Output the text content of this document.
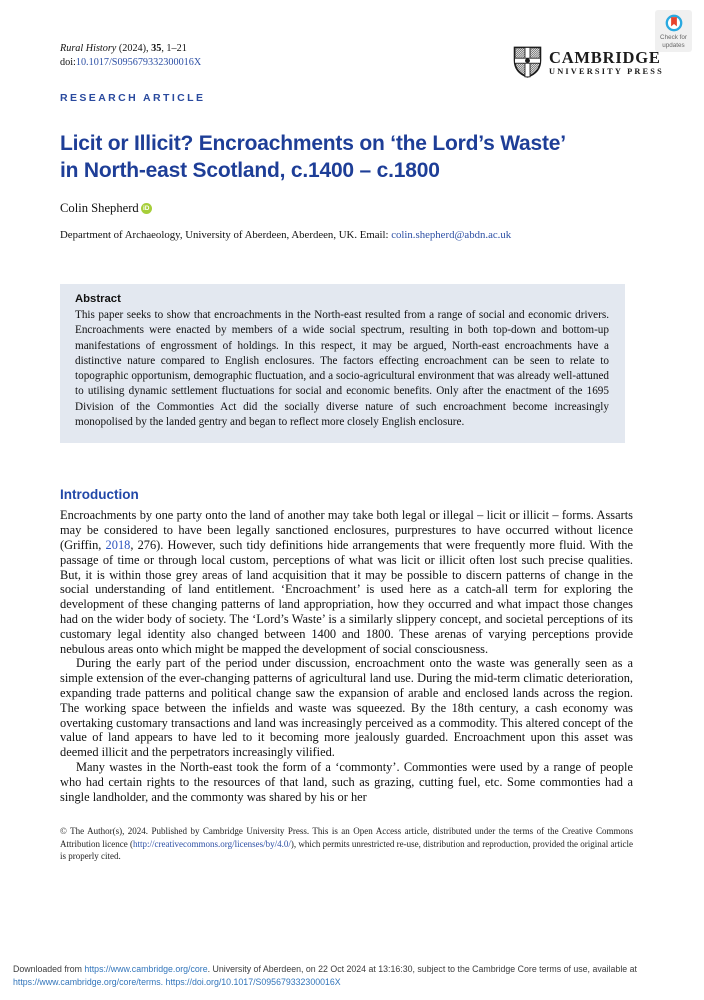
Check for
updates
CAMBRIDGE
UNIVERSITY PRESS
Rural History (2024), 35, 1–21
doi:10.1017/S095679332300016X
RESEARCH ARTICLE
Licit or Illicit? Encroachments on ‘the Lord’s Waste’
in North-east Scotland, c.1400 – c.1800
Colin Shepherd iD
Department of Archaeology, University of Aberdeen, Aberdeen, UK. Email: colin.shepherd@abdn.ac.uk
Abstract
This paper seeks to show that encroachments in the North-east resulted from a range of social and economic drivers. Encroachments were enacted by members of a wide social spectrum, resulting in both top-down and bottom-up manifestations of engrossment of holdings. In this respect, it may be argued, North-east encroachments have a distinctive nature compared to English enclosures. The factors effecting encroachment can be seen to relate to topographic opportunism, demographic fluctuation, and a socio-agricultural environment that was already well-attuned to utilising dynamic settlement fluctuations for social and economic benefits. Only after the enactment of the 1695 Division of the Commonties Act did the socially diverse nature of such encroachment become increasingly monopolised by the landed gentry and began to reflect more closely English enclosure.
Introduction

Encroachments by one party onto the land of another may take both legal or illegal – licit or illicit – forms. Assarts may be considered to have been legally sanctioned enclosures, purprestures to have occurred without licence (Griffin, 2018, 276). However, such tidy definitions hide arrangements that were frequently more fluid. With the passage of time or through local custom, perceptions of what was licit or illicit often lost such precise qualities. But, it is within those grey areas of land acquisition that it may be possible to discern patterns of change in the social understanding of land entitlement. ‘Encroachment’ is used here as a catch-all term for exploring the development of these changing patterns of land appropriation, how they occurred and what impact those changes had on the wider body of society. The ‘Lord’s Waste’ is a similarly slippery concept, and societal perceptions of its customary legal identity also changed between 1400 and 1800. These arenas of varying perceptions provide nebulous areas onto which might be mapped the development of social consciousness.

During the early part of the period under discussion, encroachment onto the waste was generally seen as a simple extension of the ever-changing patterns of agricultural land use. During the mid-term climatic deterioration, expanding trade patterns and political change saw the expansion of arable and enclosed lands across the region. The working space between the infields and waste was squeezed. By the 18th century, a cash economy was overtaking customary transactions and land was increasingly perceived as a commodity. This altered concept of the value of land appears to have led to it becoming more jealously guarded. Encroachment upon this asset was deemed illicit and the perpetrators increasingly vilified.

Many wastes in the North-east took the form of a ‘commonty’. Commonties were used by a range of people who had certain rights to the resources of that land, such as grazing, cutting fuel, etc. Some commonties had a single landholder, and the commonty was shared by his or her

© The Author(s), 2024. Published by Cambridge University Press. This is an Open Access article, distributed under the terms of the Creative Commons Attribution licence (http://creativecommons.org/licenses/by/4.0/), which permits unrestricted re-use, distribution and reproduction, provided the original article is properly cited.
Downloaded from https://www.cambridge.org/core. University of Aberdeen, on 22 Oct 2024 at 13:16:30, subject to the Cambridge Core terms of use, available at https://www.cambridge.org/core/terms. https://doi.org/10.1017/S095679332300016X
